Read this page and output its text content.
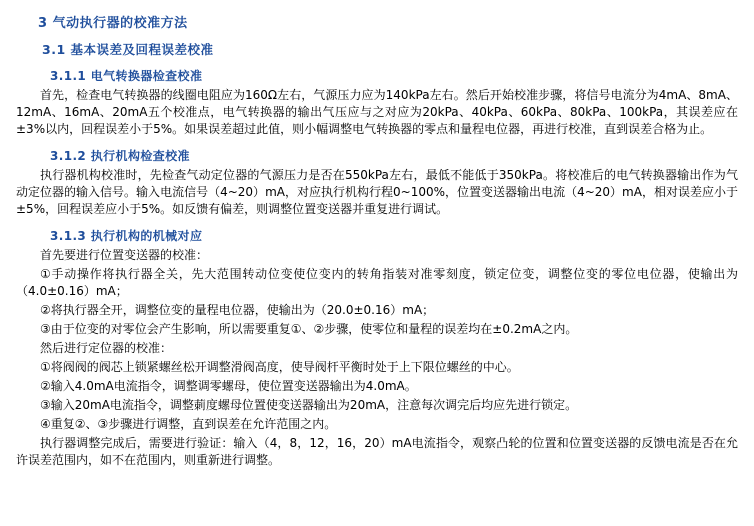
3 气动执行器的校准方法
3.1 基本误差及回程误差校准
3.1.1 电气转换器检查校准

首先，检查电气转换器的线圈电阻应为160Ω左右，气源压力应为140kPa左右。然后开始校准步骤，将信号电流分为4mA、8mA、12mA、16mA、20mA五个校准点，电气转换器的输出气压应与之对应为20kPa、40kPa、60kPa、80kPa、100kPa，其误差应在±3%以内，回程误差小于5%。如果误差超过此值，则小幅调整电气转换器的零点和量程电位器，再进行校准，直到误差合格为止。

3.1.2 执行机构检查校准

执行器机构校准时，先检查气动定位器的气源压力是否在550kPa左右，最低不能低于350kPa。将校准后的电气转换器输出作为气动定位器的输入信号。输入电流信号（4~20）mA，对应执行机构行程0~100%，位置变送器输出电流（4~20）mA，相对误差应小于±5%，回程误差应小于5%。如反馈有偏差，则调整位置变送器并重复进行调试。

3.1.3 执行机构的机械对应

首先要进行位置变送器的校准：

①手动操作将执行器全关，先大范围转动位变使位变内的转角指装对准零刻度，锁定位变，调整位变的零位电位器，使输出为（4.0±0.16）mA；

②将执行器全开，调整位变的量程电位器，使输出为（20.0±0.16）mA；

③由于位变的对零位会产生影响，所以需要重复①、②步骤，使零位和量程的误差均在±0.2mA之内。

然后进行定位器的校准：

①将阀阀的阀芯上锁紧螺丝松开调整滑阀高度，使导阀杆平衡时处于上下限位螺丝的中心。

②输入4.0mA电流指令，调整调零螺母，使位置变送器输出为4.0mA。

③输入20mA电流指令，调整莿度螺母位置使变送器输出为20mA，注意每次调完后均应先进行锁定。

④重复②、③步骤进行调整，直到误差在允许范围之内。

执行器调整完成后，需要进行验证：输入（4，8，12，16，20）mA电流指令，观察凸轮的位置和位置变送器的反馈电流是否在允许误差范围内，如不在范围内，则重新进行调整。
